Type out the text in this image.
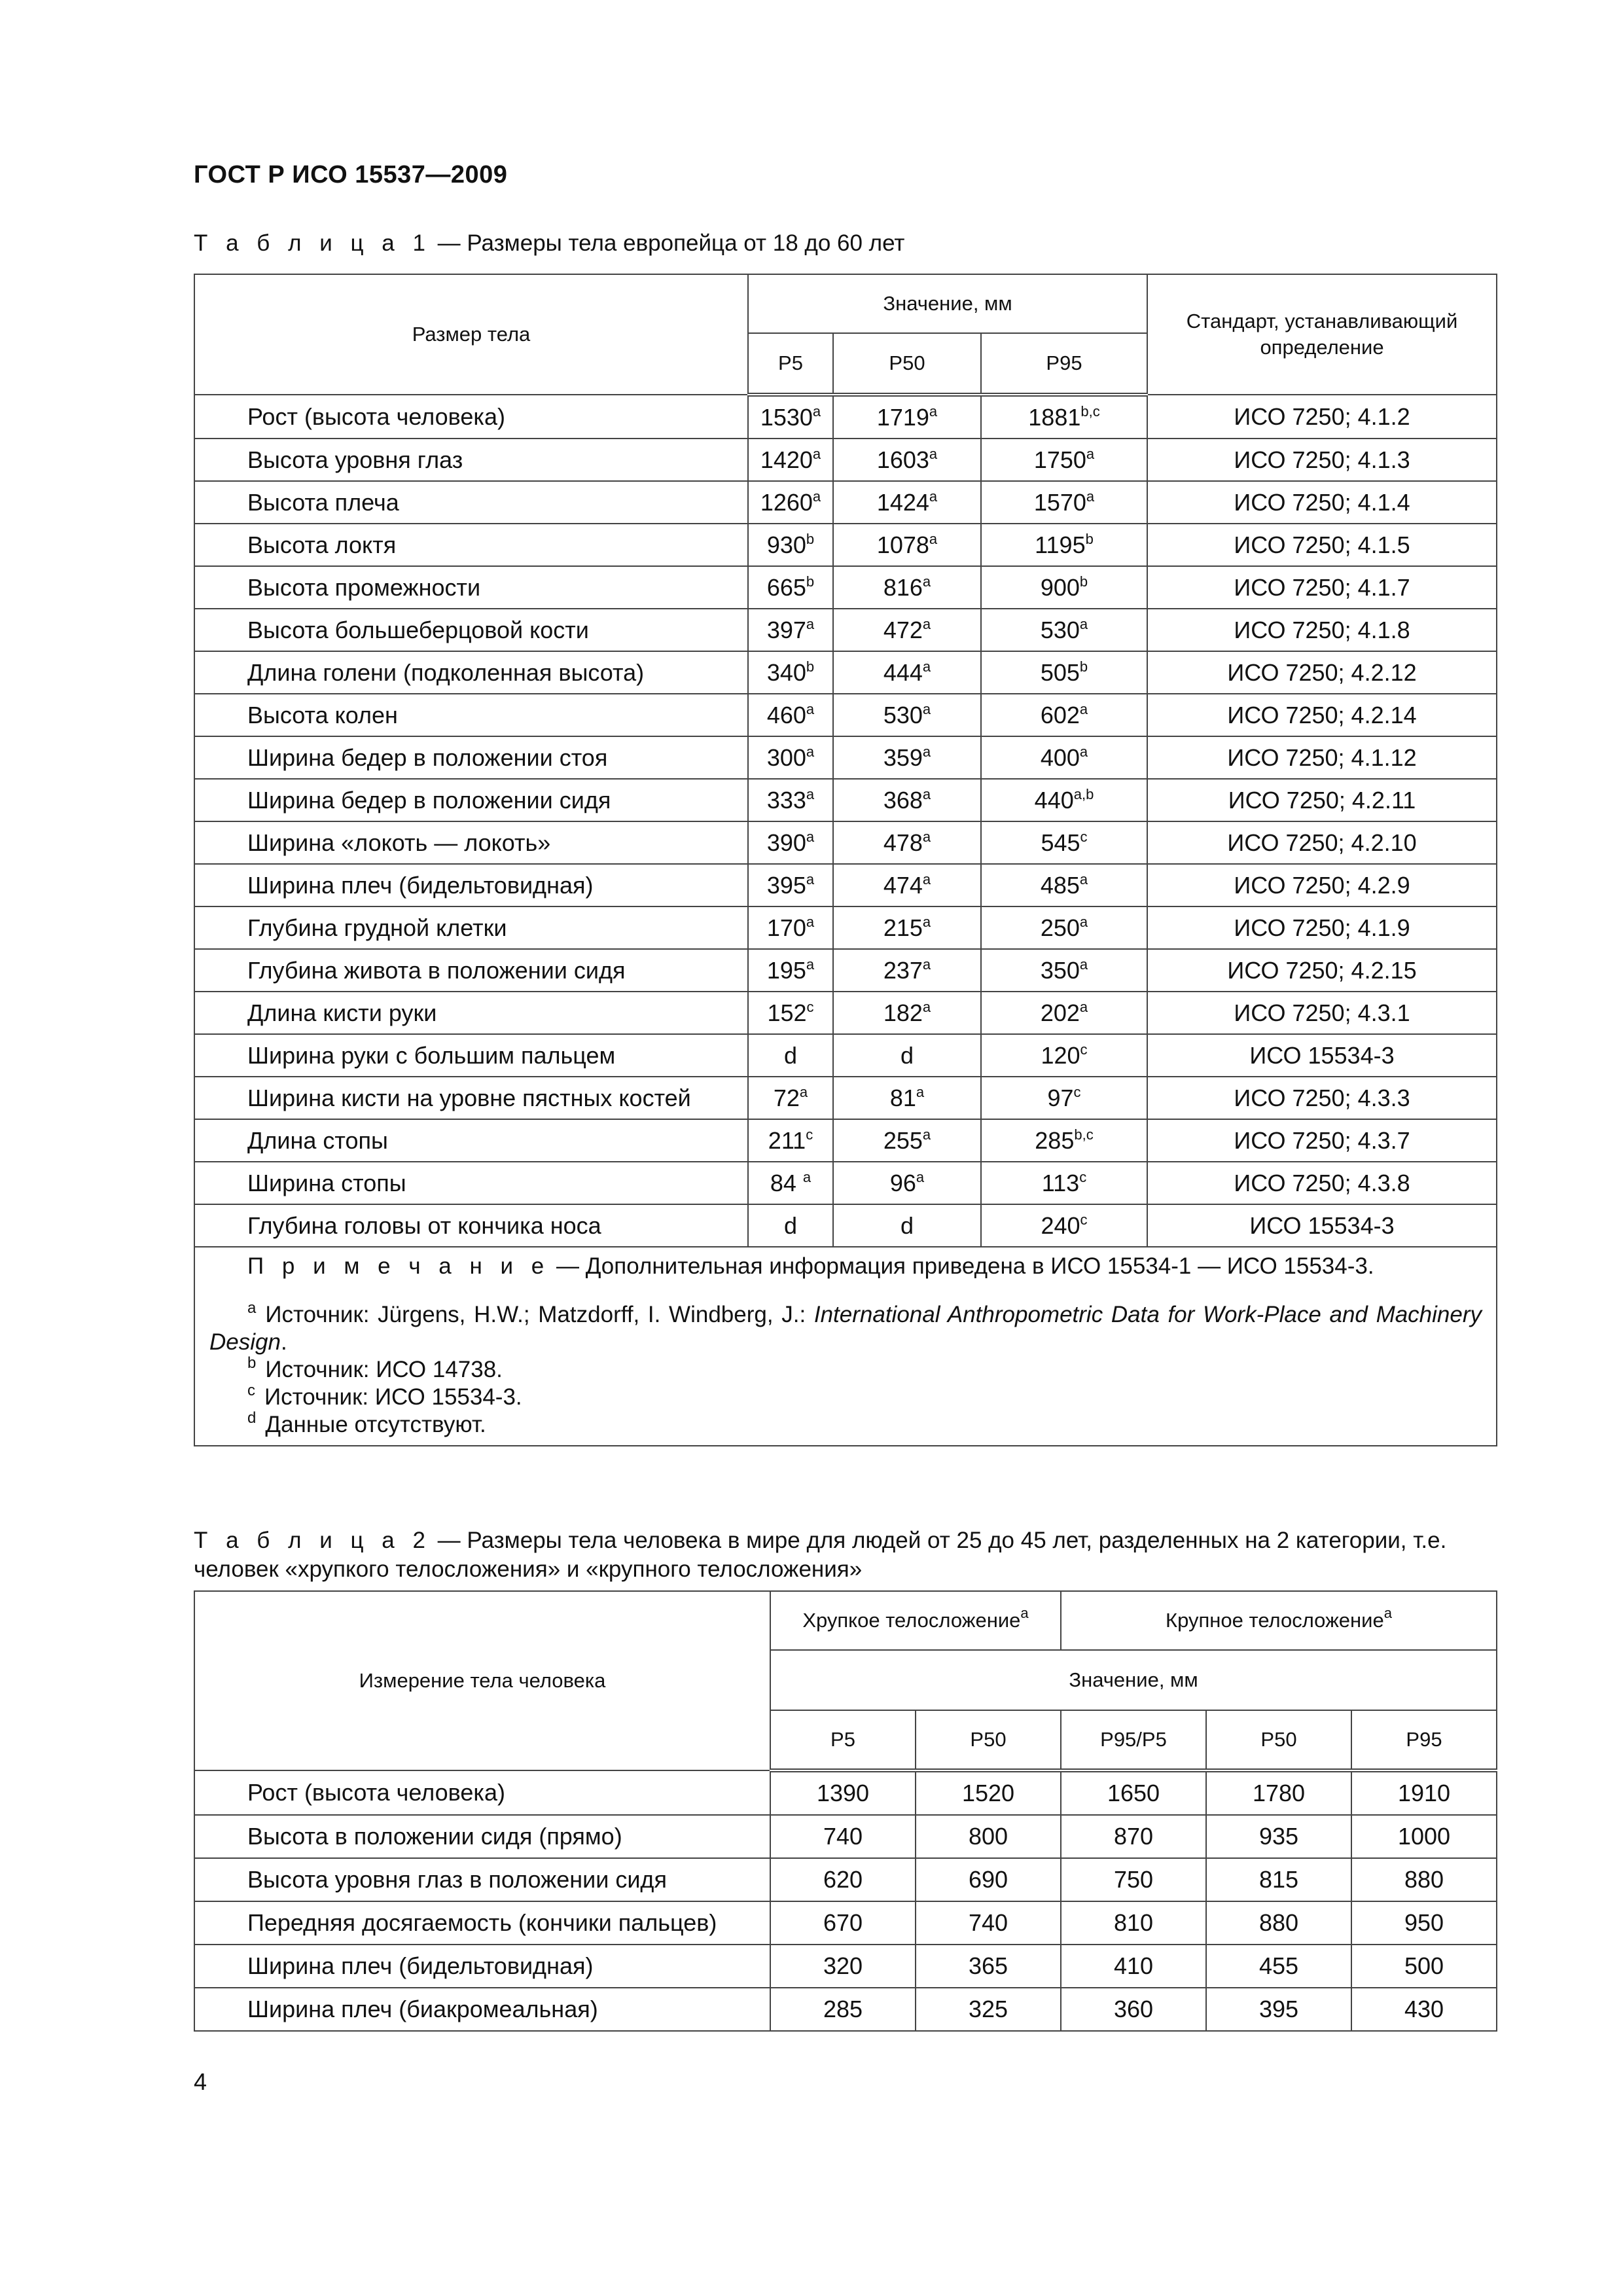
ГОСТ Р ИСО 15537—2009
Т а б л и ц а 1 — Размеры тела европейца от 18 до 60 лет
Размер тела	Значение, мм			Стандарт, устанавливающий определение
	P5	P50	P95	
Рост (высота человека)	1530$^a$	1719$^a$	1881$^{b,c}$	ИСО 7250; 4.1.2
Высота уровня глаз	1420$^a$	1603$^a$	1750$^a$	ИСО 7250; 4.1.3
Высота плеча	1260$^a$	1424$^a$	1570$^a$	ИСО 7250; 4.1.4
Высота локтя	930$^b$	1078$^a$	1195$^b$	ИСО 7250; 4.1.5
Высота промежности	665$^b$	816$^a$	900$^b$	ИСО 7250; 4.1.7
Высота большеберцовой кости	397$^a$	472$^a$	530$^a$	ИСО 7250; 4.1.8
Длина голени (подколенная высота)	340$^b$	444$^a$	505$^b$	ИСО 7250; 4.2.12
Высота колен	460$^a$	530$^a$	602$^a$	ИСО 7250; 4.2.14
Ширина бедер в положении стоя	300$^a$	359$^a$	400$^a$	ИСО 7250; 4.1.12
Ширина бедер в положении сидя	333$^a$	368$^a$	440$^{a,b}$	ИСО 7250; 4.2.11
Ширина «локоть — локоть»	390$^a$	478$^a$	545$^c$	ИСО 7250; 4.2.10
Ширина плеч (бидельтовидная)	395$^a$	474$^a$	485$^a$	ИСО 7250; 4.2.9
Глубина грудной клетки	170$^a$	215$^a$	250$^a$	ИСО 7250; 4.1.9
Глубина живота в положении сидя	195$^a$	237$^a$	350$^a$	ИСО 7250; 4.2.15
Длина кисти руки	152$^c$	182$^a$	202$^a$	ИСО 7250; 4.3.1
Ширина руки с большим пальцем	d	d	120$^c$	ИСО 15534-3
Ширина кисти на уровне пястных костей	72$^a$	81$^a$	97$^c$	ИСО 7250; 4.3.3
Длина стопы	211$^c$	255$^a$	285$^{b,c}$	ИСО 7250; 4.3.7
Ширина стопы	84 $^a$	96$^a$	113$^c$	ИСО 7250; 4.3.8
Глубина головы от кончика носа	d	d	240$^c$	ИСО 15534-3

П р и м е ч а н и е — Дополнительная информация приведена в ИСО 15534-1 — ИСО 15534-3.
$^a$ Источник: Jürgens, H.W.; Matzdorff, I. Windberg, J.: International Anthropometric Data for Work-Place and Machinery Design.
$^b$ Источник: ИСО 14738.
$^c$ Источник: ИСО 15534-3.
$^d$ Данные отсутствуют.				
Т а б л и ц а 2 — Размеры тела человека в мире для людей от 25 до 45 лет, разделенных на 2 категории, т.е. человек «хрупкого телосложения» и «крупного телосложения»
Измерение тела человека	Хрупкое телосложение$^a$		Крупное телосложение$^a$
	Значение, мм				
	P5	P50	P95/P5	P50	P95
Рост (высота человека)	1390	1520	1650	1780	1910
Высота в положении сидя (прямо)	740	800	870	935	1000
Высота уровня глаз в положении сидя	620	690	750	815	880
Передняя досягаемость (кончики пальцев)	670	740	810	880	950
Ширина плеч (бидельтовидная)	320	365	410	455	500
Ширина плеч (биакромеальная)	285	325	360	395	430
4
